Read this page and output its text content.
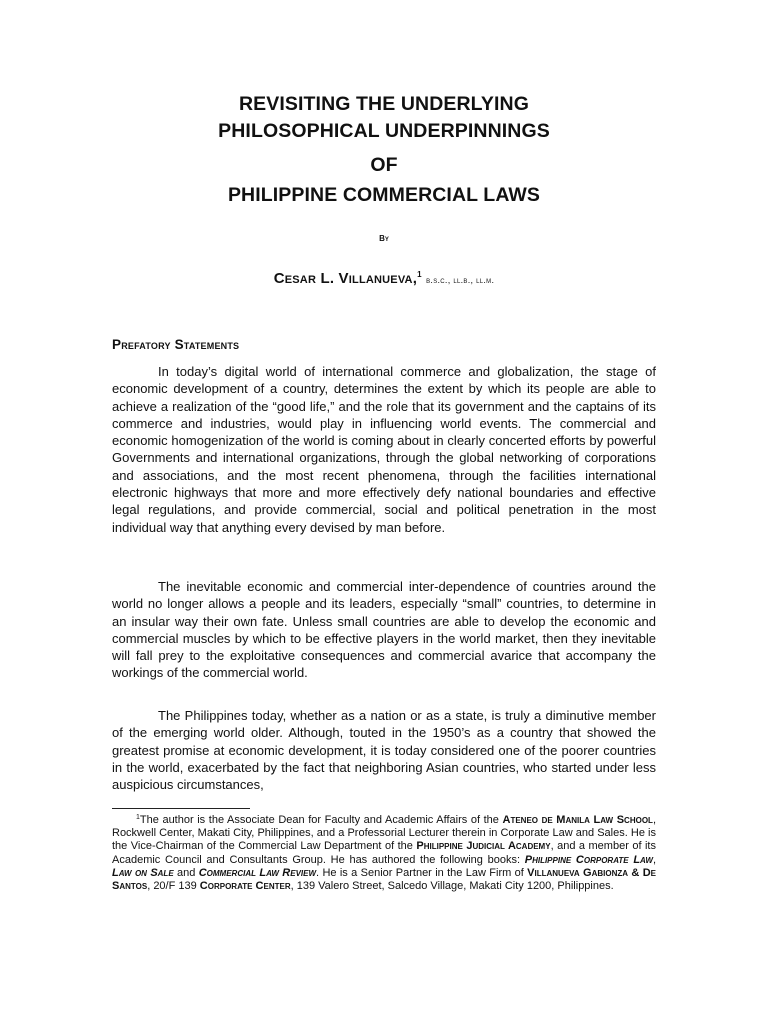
REVISITING THE UNDERLYING
PHILOSOPHICAL UNDERPINNINGS
OF
PHILIPPINE COMMERCIAL LAWS
By
Cesar L. Villanueva,$^1$ b.s.c., ll.b., ll.m.
Prefatory Statements

In today’s digital world of international commerce and globalization, the stage of economic development of a country, determines the extent by which its people are able to achieve a realization of the “good life,” and the role that its government and the captains of its commerce and industries, would play in influencing world events. The commercial and economic homogenization of the world is coming about in clearly concerted efforts by powerful Governments and international organizations, through the global networking of corporations and associations, and the most recent phenomena, through the facilities international electronic highways that more and more effectively defy national boundaries and effective legal regulations, and provide commercial, social and political penetration in the most individual way that anything every devised by man before.

The inevitable economic and commercial inter-dependence of countries around the world no longer allows a people and its leaders, especially “small” countries, to determine in an insular way their own fate. Unless small countries are able to develop the economic and commercial muscles by which to be effective players in the world market, then they inevitable will fall prey to the exploitative consequences and commercial avarice that accompany the workings of the commercial world.

The Philippines today, whether as a nation or as a state, is truly a diminutive member of the emerging world older. Although, touted in the 1950’s as a country that showed the greatest promise at economic development, it is today considered one of the poorer countries in the world, exacerbated by the fact that neighboring Asian countries, who started under less auspicious circumstances,

$^1$The author is the Associate Dean for Faculty and Academic Affairs of the Ateneo de Manila Law School, Rockwell Center, Makati City, Philippines, and a Professorial Lecturer therein in Corporate Law and Sales. He is the Vice-Chairman of the Commercial Law Department of the Philippine Judicial Academy, and a member of its Academic Council and Consultants Group. He has authored the following books: Philippine Corporate Law, Law on Sale and Commercial Law Review. He is a Senior Partner in the Law Firm of Villanueva Gabionza & De Santos, 20/F 139 Corporate Center, 139 Valero Street, Salcedo Village, Makati City 1200, Philippines.
